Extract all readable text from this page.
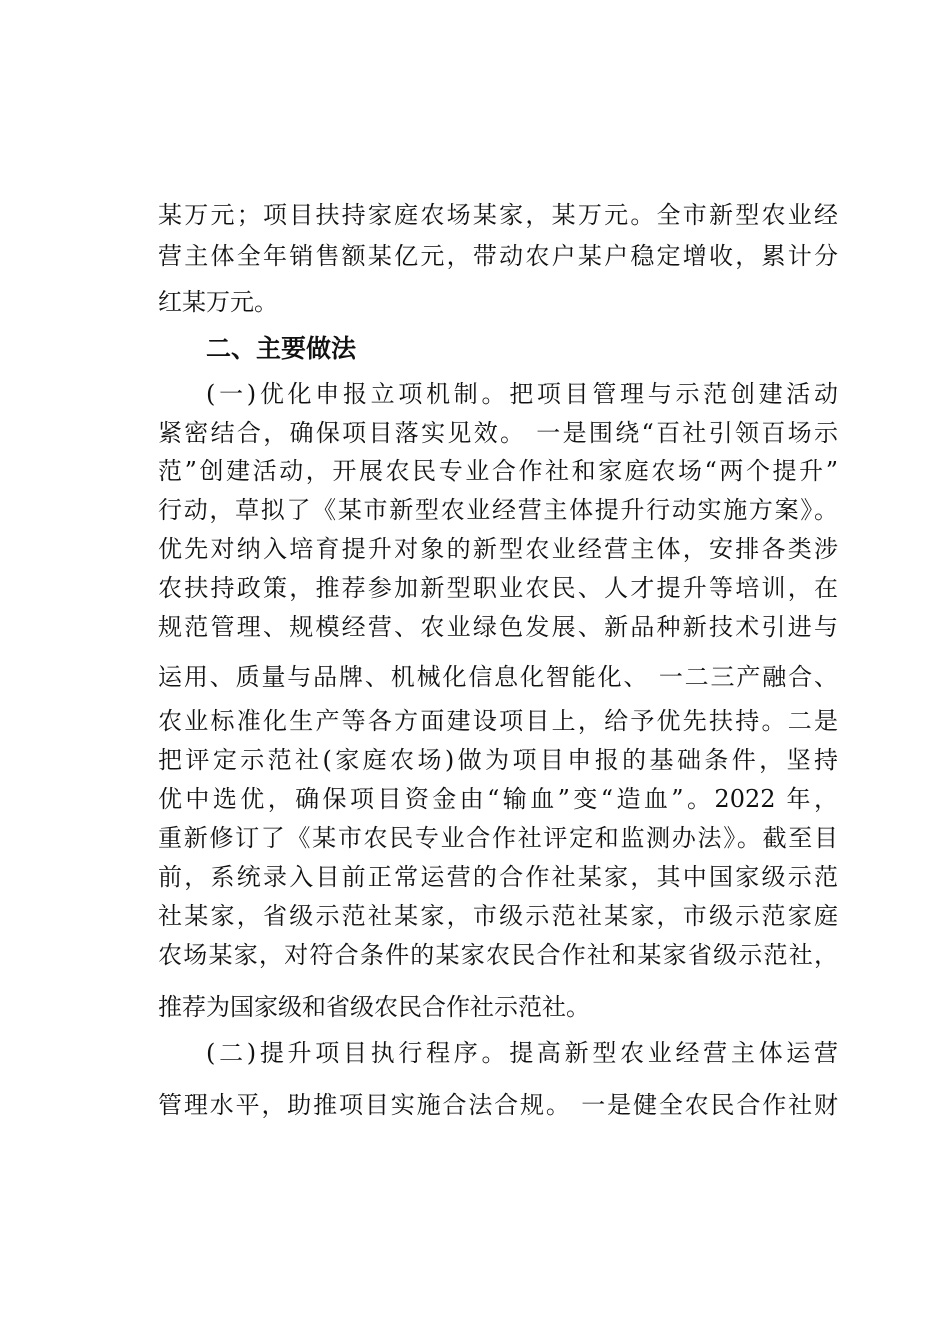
某万元；项目扶持家庭农场某家，某万元。全市新型农业经
营主体全年销售额某亿元，带动农户某户稳定增收，累计分
红某万元。
二、主要做法
(一)优化申报立项机制。把项目管理与示范创建活动
紧密结合，确保项目落实见效。 一是围绕“百社引领百场示
范”创建活动，开展农民专业合作社和家庭农场“两个提升”
行动，草拟了《某市新型农业经营主体提升行动实施方案》。
优先对纳入培育提升对象的新型农业经营主体，安排各类涉
农扶持政策，推荐参加新型职业农民、人才提升等培训，在
规范管理、规模经营、农业绿色发展、新品种新技术引进与
运用、质量与品牌、机械化信息化智能化、 一二三产融合、
农业标准化生产等各方面建设项目上，给予优先扶持。二是
把评定示范社(家庭农场)做为项目申报的基础条件，坚持
优中选优，确保项目资金由“输血”变“造血”。2022 年，
重新修订了《某市农民专业合作社评定和监测办法》。截至目
前，系统录入目前正常运营的合作社某家，其中国家级示范
社某家，省级示范社某家，市级示范社某家，市级示范家庭
农场某家，对符合条件的某家农民合作社和某家省级示范社，
推荐为国家级和省级农民合作社示范社。
(二)提升项目执行程序。提高新型农业经营主体运营
管理水平，助推项目实施合法合规。 一是健全农民合作社财
